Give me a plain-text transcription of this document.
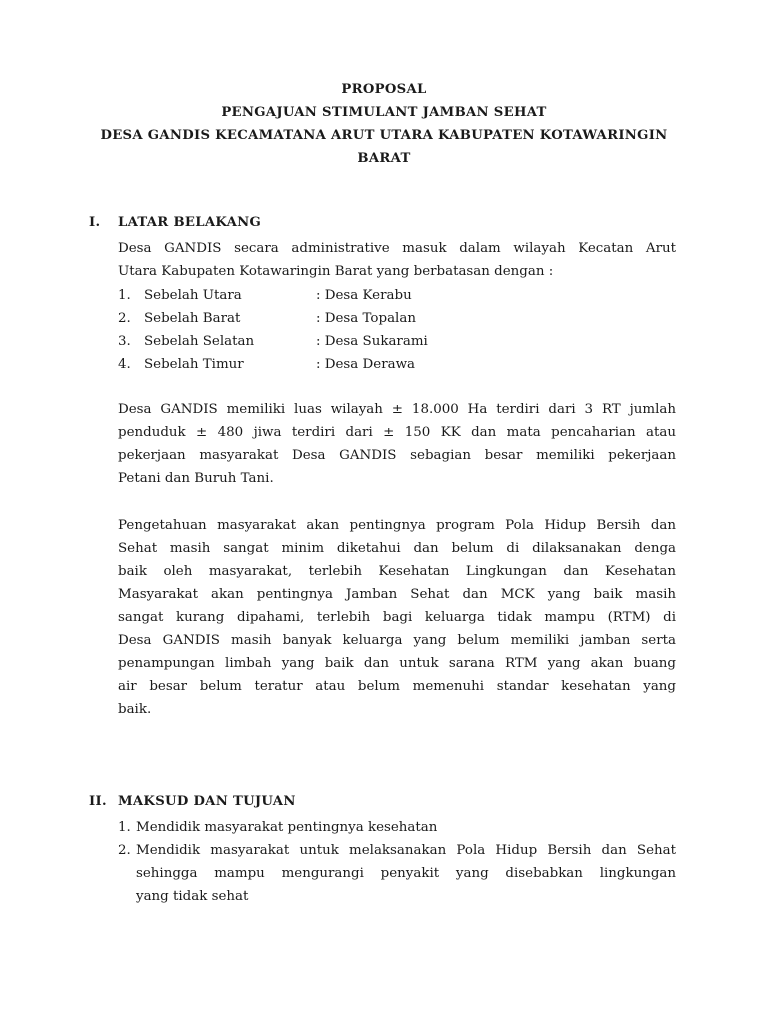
PROPOSAL
PENGAJUAN STIMULANT JAMBAN SEHAT
DESA GANDIS KECAMATANA ARUT UTARA KABUPATEN KOTAWARINGIN
BARAT
I. LATAR BELAKANG
Desa GANDIS secara administrative masuk dalam wilayah Kecatan Arut
Utara Kabupaten Kotawaringin Barat yang berbatasan dengan :
1. Sebelah Utara	: Desa Kerabu
2. Sebelah Barat	: Desa Topalan
3. Sebelah Selatan	: Desa Sukarami
4. Sebelah Timur	: Desa Derawa
Desa GANDIS memiliki luas wilayah ± 18.000 Ha terdiri dari 3 RT jumlah
penduduk ± 480 jiwa terdiri dari ± 150 KK dan mata pencaharian atau
pekerjaan masyarakat Desa GANDIS sebagian besar memiliki pekerjaan
Petani dan Buruh Tani.
Pengetahuan masyarakat akan pentingnya program Pola Hidup Bersih dan
Sehat masih sangat minim diketahui dan belum di dilaksanakan denga
baik oleh masyarakat, terlebih Kesehatan Lingkungan dan Kesehatan
Masyarakat akan pentingnya Jamban Sehat dan MCK yang baik masih
sangat kurang dipahami, terlebih bagi keluarga tidak mampu (RTM) di
Desa GANDIS masih banyak keluarga yang belum memiliki jamban serta
penampungan limbah yang baik dan untuk sarana RTM yang akan buang
air besar belum teratur atau belum memenuhi standar kesehatan yang
baik.
II. MAKSUD DAN TUJUAN
1. Mendidik masyarakat pentingnya kesehatan
2. Mendidik masyarakat untuk melaksanakan Pola Hidup Bersih dan Sehat
sehingga mampu mengurangi penyakit yang disebabkan lingkungan
yang tidak sehat
